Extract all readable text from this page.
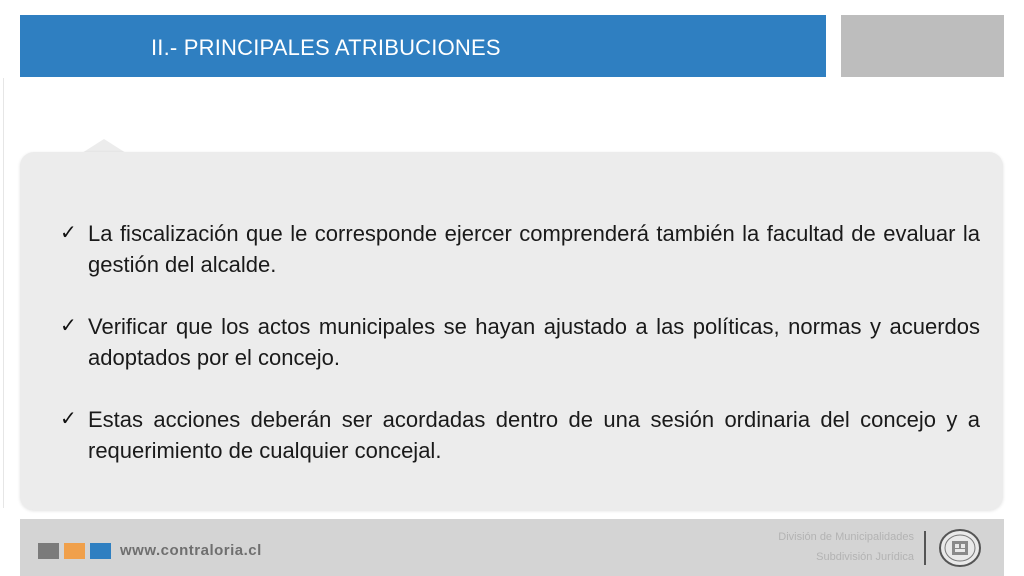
II.- PRINCIPALES ATRIBUCIONES
✓ La fiscalización que le corresponde ejercer comprenderá también la facultad de evaluar la gestión del alcalde.
✓ Verificar que los actos municipales se hayan ajustado a las políticas, normas y acuerdos adoptados por el concejo.
✓ Estas acciones deberán ser acordadas dentro de una sesión ordinaria del concejo y a requerimiento de cualquier concejal.
www.contraloria.cl
División de Municipalidades
Subdivisión Jurídica
